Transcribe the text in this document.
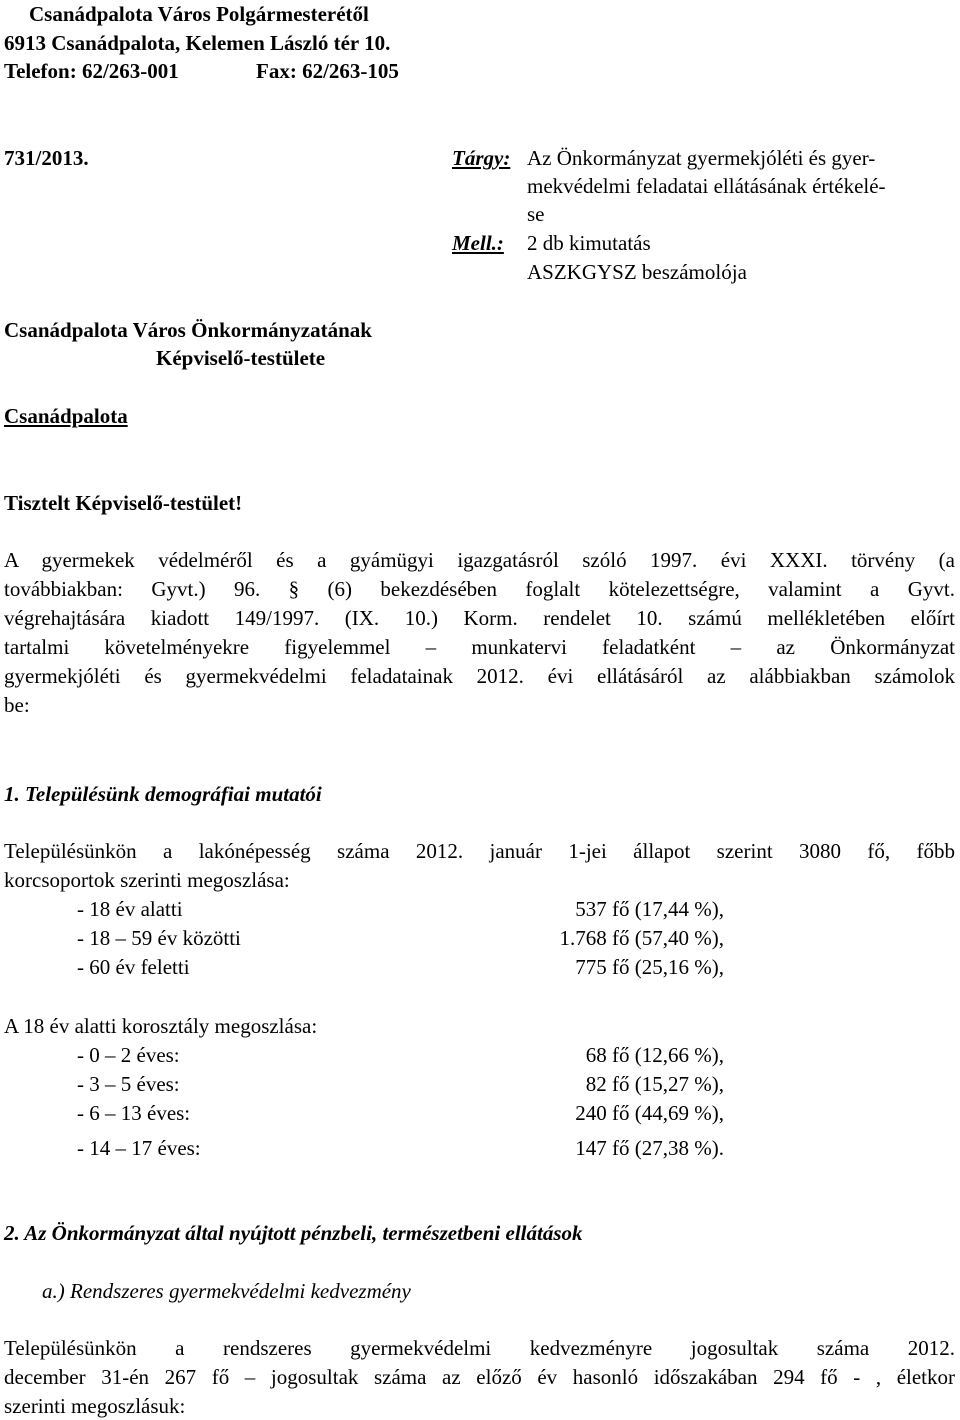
Csanádpalota Város Polgármesterétől
6913 Csanádpalota, Kelemen László tér 10.
Telefon: 62/263-001	Fax: 62/263-105
731/2013.	Tárgy: Az Önkormányzat gyermekjóléti és gyer-
mekvédelmi feladatai ellátásának értékelé-
se
Mell.: 2 db kimutatás
ASZKGYSZ beszámolója
Csanádpalota Város Önkormányzatának
Képviselő-testülete
Csanádpalota
Tisztelt Képviselő-testület!
A gyermekek védelméről és a gyámügyi igazgatásról szóló 1997. évi XXXI. törvény (a
továbbiakban: Gyvt.) 96. § (6) bekezdésében foglalt kötelezettségre, valamint a Gyvt.
végrehajtására kiadott 149/1997. (IX. 10.) Korm. rendelet 10. számú mellékletében előírt
tartalmi követelményekre figyelemmel – munkatervi feladatként – az Önkormányzat
gyermekjóléti és gyermekvédelmi feladatainak 2012. évi ellátásáról az alábbiakban számolok
be:
1. Településünk demográfiai mutatói
Településünkön a lakónépesség száma 2012. január 1-jei állapot szerint 3080 fő, főbb
korcsoportok szerinti megoszlása:
- 18 év alatti	537 fő (17,44 %),
- 18 – 59 év közötti	1.768 fő (57,40 %),
- 60 év feletti	775 fő (25,16 %),
A 18 év alatti korosztály megoszlása:
- 0 – 2 éves:	68 fő (12,66 %),
- 3 – 5 éves:	82 fő (15,27 %),
- 6 – 13 éves:	240 fő (44,69 %),
- 14 – 17 éves:	147 fő (27,38 %).
2. Az Önkormányzat által nyújtott pénzbeli, természetbeni ellátások
a.) Rendszeres gyermekvédelmi kedvezmény
Településünkön a rendszeres gyermekvédelmi kedvezményre jogosultak száma 2012.
december 31-én 267 fő – jogosultak száma az előző év hasonló időszakában 294 fő - , életkor
szerinti megoszlásuk:
